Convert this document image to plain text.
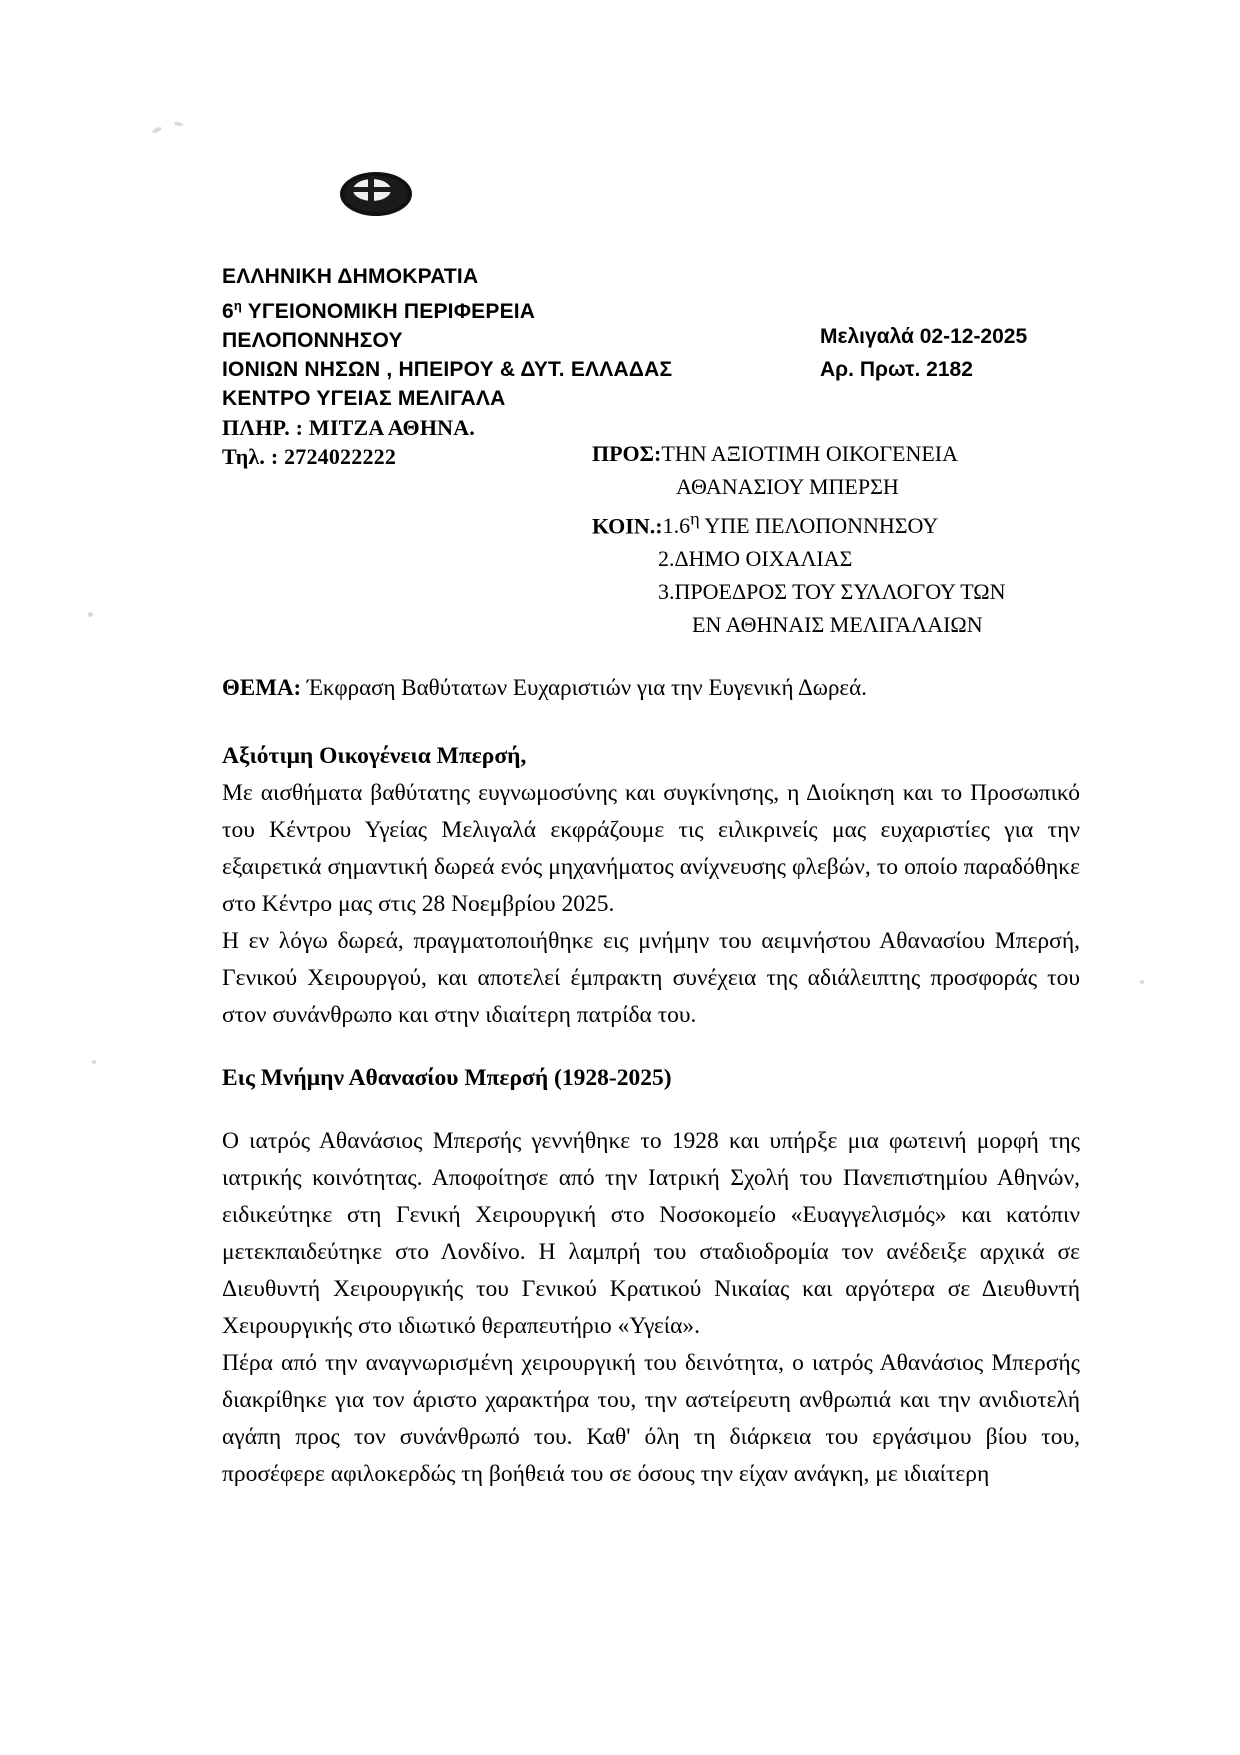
ΕΛΛΗΝΙΚΗ ΔΗΜΟΚΡΑΤΙΑ
$6^\eta$ ΥΓΕΙΟΝΟΜΙΚΗ ΠΕΡΙΦΕΡΕΙΑ
ΠΕΛΟΠΟΝΝΗΣΟΥ
ΙΟΝΙΩΝ ΝΗΣΩΝ , ΗΠΕΙΡΟΥ & ΔΥΤ. ΕΛΛΑΔΑΣ
ΚΕΝΤΡΟ ΥΓΕΙΑΣ ΜΕΛΙΓΑΛΑ
ΠΛΗΡ. : ΜΙΤΖΑ ΑΘΗΝΑ.
Τηλ. : 2724022222
Μελιγαλά 02-12-2025
Αρ. Πρωτ. 2182
ΠΡΟΣ:ΤΗΝ ΑΞΙΟΤΙΜΗ ΟΙΚΟΓΕΝΕΙΑ
ΑΘΑΝΑΣΙΟΥ ΜΠΕΡΣΗ
$KOIN.:1.6^\eta$ ΥΠΕ ΠΕΛΟΠΟΝΝΗΣΟΥ
2.ΔΗΜΟ ΟΙΧΑΛΙΑΣ
3.ΠΡΟΕΔΡΟΣ ΤΟΥ ΣΥΛΛΟΓΟΥ ΤΩΝ
ΕΝ ΑΘΗΝΑΙΣ ΜΕΛΙΓΑΛΑΙΩΝ
ΘΕΜΑ: Έκφραση Βαθύτατων Ευχαριστιών για την Ευγενική Δωρεά.

Αξιότιμη Οικογένεια Μπερσή,

Με αισθήματα βαθύτατης ευγνωμοσύνης και συγκίνησης, η Διοίκηση και το Προσωπικό του Κέντρου Υγείας Μελιγαλά εκφράζουμε τις ειλικρινείς μας ευχαριστίες για την εξαιρετικά σημαντική δωρεά ενός μηχανήματος ανίχνευσης φλεβών, το οποίο παραδόθηκε στο Κέντρο μας στις 28 Νοεμβρίου 2025.

Η εν λόγω δωρεά, πραγματοποιήθηκε εις μνήμην του αειμνήστου Αθανασίου Μπερσή, Γενικού Χειρουργού, και αποτελεί έμπρακτη συνέχεια της αδιάλειπτης προσφοράς του στον συνάνθρωπο και στην ιδιαίτερη πατρίδα του.

Εις Μνήμην Αθανασίου Μπερσή (1928-2025)

Ο ιατρός Αθανάσιος Μπερσής γεννήθηκε το 1928 και υπήρξε μια φωτεινή μορφή της ιατρικής κοινότητας. Αποφοίτησε από την Ιατρική Σχολή του Πανεπιστημίου Αθηνών, ειδικεύτηκε στη Γενική Χειρουργική στο Νοσοκομείο «Ευαγγελισμός» και κατόπιν μετεκπαιδεύτηκε στο Λονδίνο. Η λαμπρή του σταδιοδρομία τον ανέδειξε αρχικά σε Διευθυντή Χειρουργικής του Γενικού Κρατικού Νικαίας και αργότερα σε Διευθυντή Χειρουργικής στο ιδιωτικό θεραπευτήριο «Υγεία».

Πέρα από την αναγνωρισμένη χειρουργική του δεινότητα, ο ιατρός Αθανάσιος Μπερσής διακρίθηκε για τον άριστο χαρακτήρα του, την αστείρευτη ανθρωπιά και την ανιδιοτελή αγάπη προς τον συνάνθρωπό του. Καθ' όλη τη διάρκεια του εργάσιμου βίου του, προσέφερε αφιλοκερδώς τη βοήθειά του σε όσους την είχαν ανάγκη, με ιδιαίτερη
